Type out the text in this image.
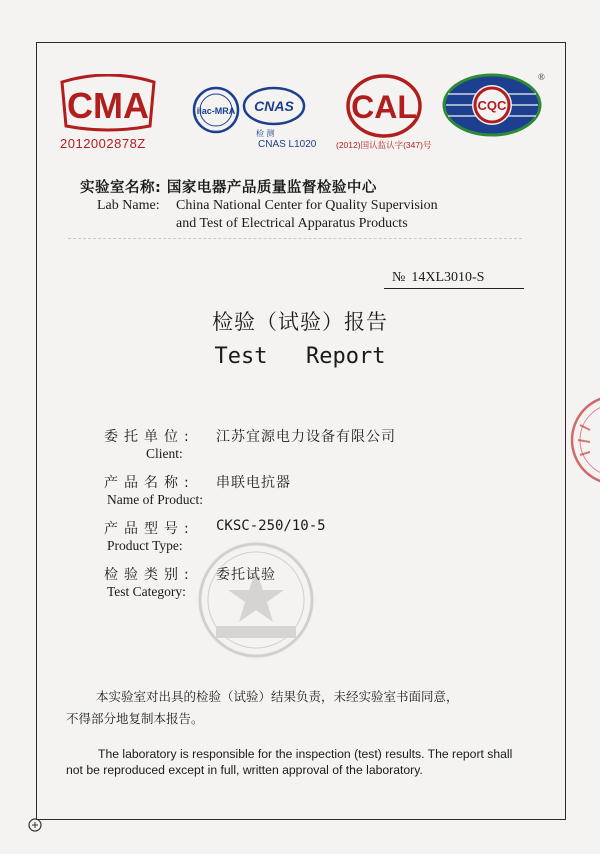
CMA
2012002878Z
ilac-MRA CNAS
检 测
CNAS L1020
CAL
(2012)国认监认字(347)号
CQC
®
实验室名称: 国家电器产品质量监督检验中心
Lab Name: China National Center for Quality Supervision
and Test of Electrical Apparatus Products
№ 14XL3010-S
检验（试验）报告
Test  Report
委托单位: 江苏宜源电力设备有限公司
Client:
产品名称: 串联电抗器
Name of Product:
产品型号: CKSC-250/10-5
Product Type:
检验类别: 委托试验
Test Category:
本实验室对出具的检验（试验）结果负责，未经实验室书面同意，
不得部分地复制本报告。
The laboratory is responsible for the inspection (test) results. The report shall
not be reproduced except in full, written approval of the laboratory.
